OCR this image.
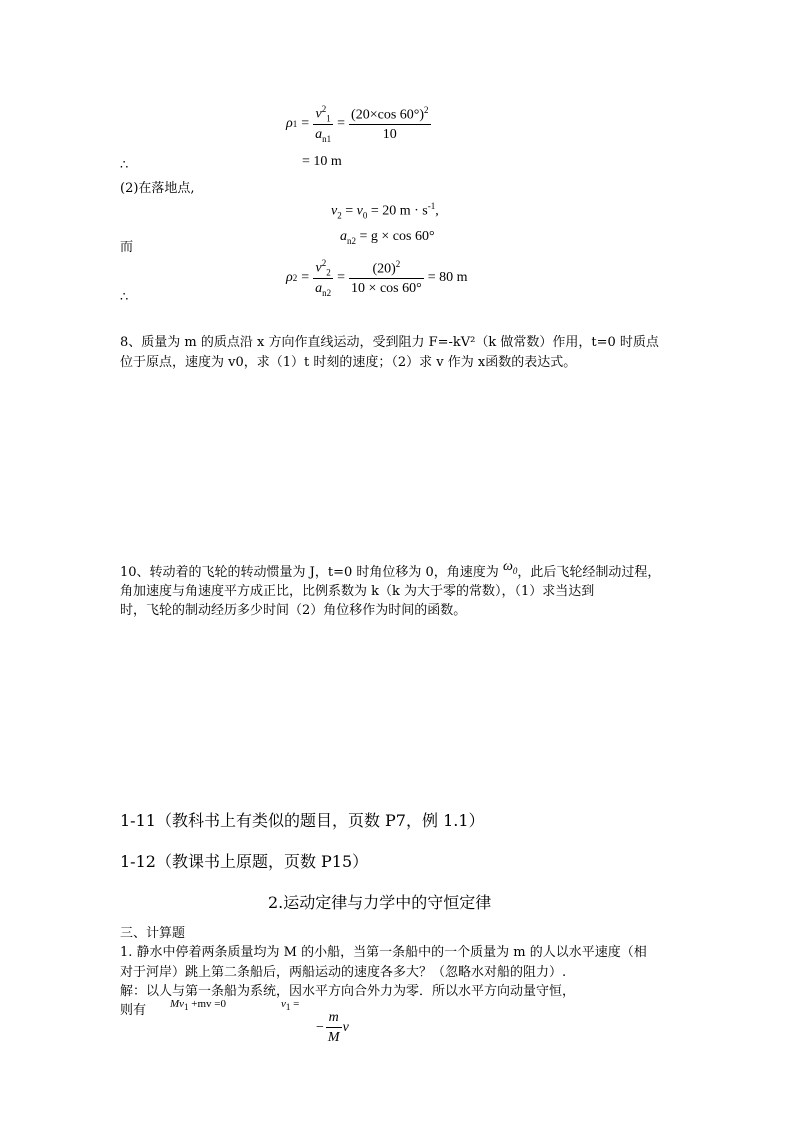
ρ $1 = \frac{v^2_1}{a_{n1}} = \frac{(20\times\cos 60^\circ)^2}{10}$
∴	= 10 m
(2)在落地点,
$v_2 = v_0 = 20$ $m \cdot s^{-1}$,
而
$a_{n2} = g \times \cos 60^\circ$
ρ $2 = \frac{v^2_2}{a_{n2}} = \frac{(20)^2}{10 \times \cos 60^\circ} = 80$ m
∴
8、质量为 m 的质点沿 x 方向作直线运动，受到阻力 F=-kV²（k 做常数）作用，t=0 时质点
位于原点，速度为 v0，求（1）t 时刻的速度；（2）求 v 作为 x函数的表达式。
10、转动着的飞轮的转动惯量为 J，t=0 时角位移为 0，角速度为 $\omega_0$，此后飞轮经制动过程，
角加速度与角速度平方成正比，比例系数为 k（k 为大于零的常数），（1）求当达到
时，飞轮的制动经历多少时间（2）角位移作为时间的函数。
1-11（教科书上有类似的题目，页数 P7，例 1.1）
1-12（教课书上原题，页数 P15）
2.运动定律与力学中的守恒定律
三、计算题
1. 静水中停着两条质量均为 M 的小船，当第一条船中的一个质量为 m 的人以水平速度（相
对于河岸）跳上第二条船后，两船运动的速度各多大？（忽略水对船的阻力）.
解：以人与第一条船为系统，因水平方向合外力为零．所以水平方向动量守恒，
则有 $Mv_1 +mv =0$	$v_1$ =
− $\frac{m}{M}$ v
